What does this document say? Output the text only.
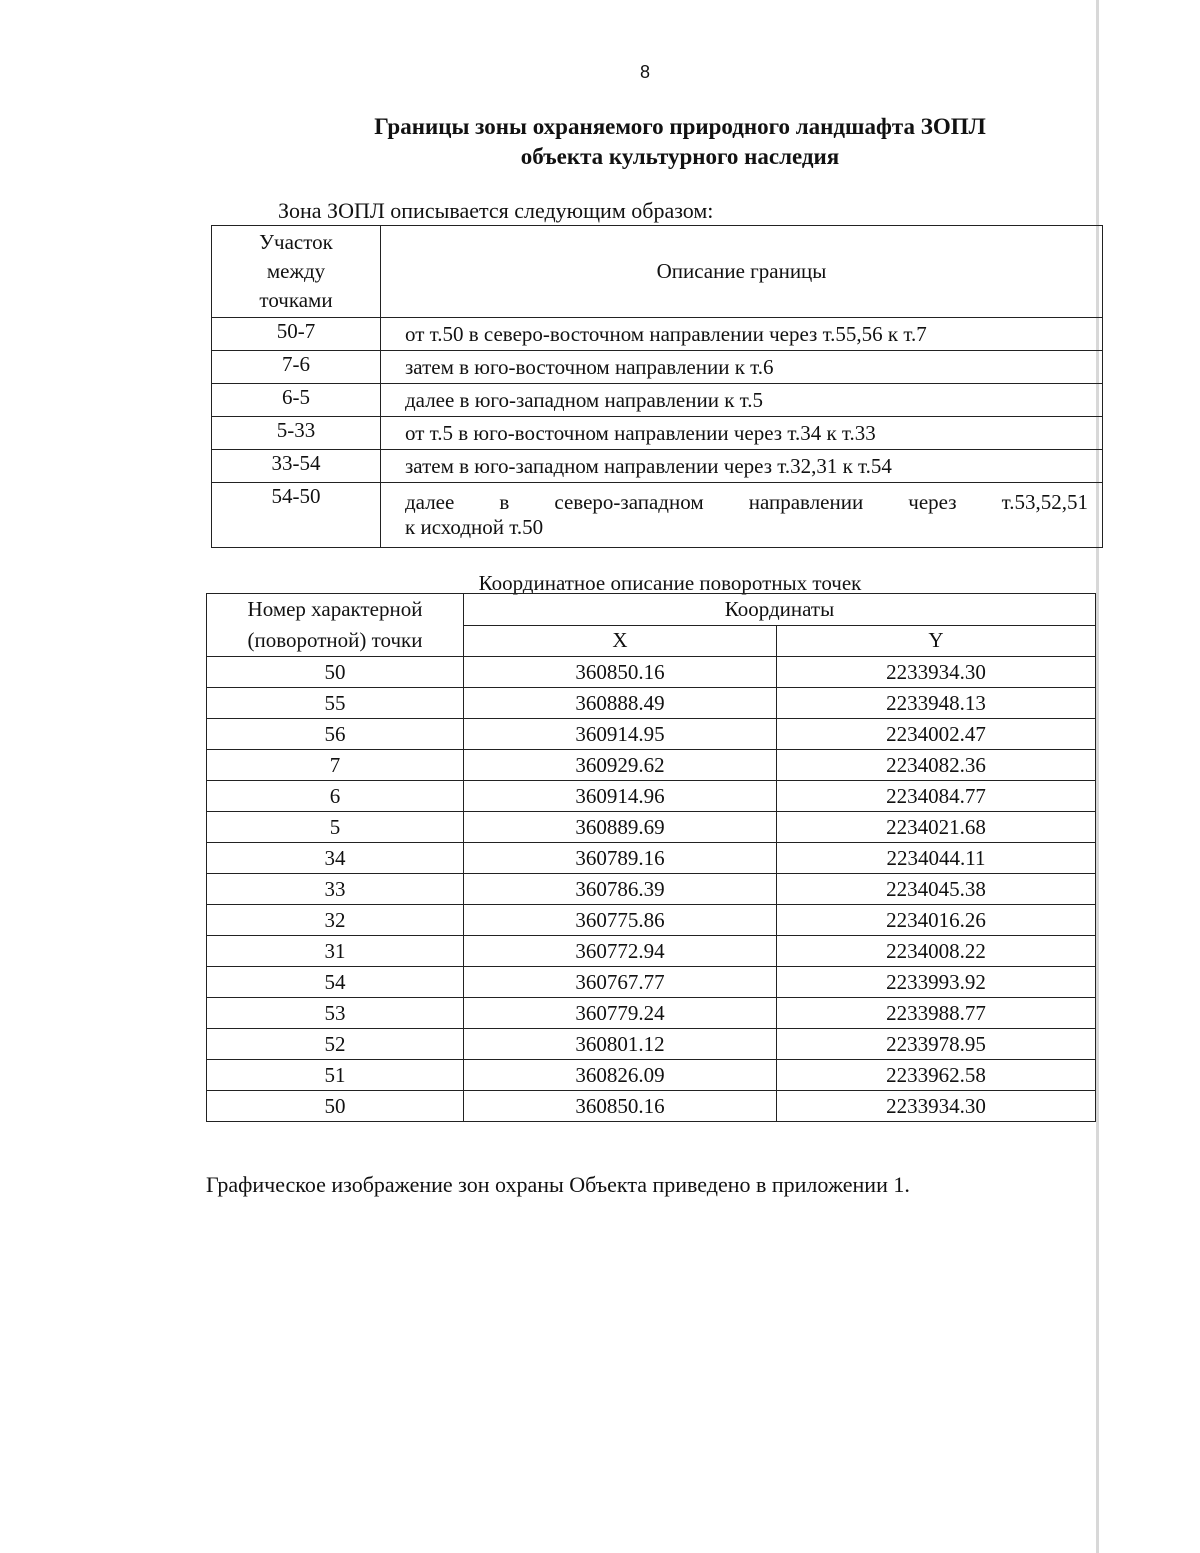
8
Границы зоны охраняемого природного ландшафта ЗОПЛ
объекта культурного наследия
Зона ЗОПЛ описывается следующим образом:
Участок
между
точками	Описание границы
50-7	от т.50 в северо-восточном направлении через т.55,56 к т.7
7-6	затем в юго-восточном направлении к т.6
6-5	далее в юго-западном направлении к т.5
5-33	от т.5 в юго-восточном направлении через т.34 к т.33
33-54	затем в юго-западном направлении через т.32,31 к т.54
54-50	далее в северо-западном направлении через т.53,52,51
к исходной т.50
Координатное описание поворотных точек
Номер характерной
(поворотной) точки	Координаты	
	X	Y
50	360850.16	2233934.30
55	360888.49	2233948.13
56	360914.95	2234002.47
7	360929.62	2234082.36
6	360914.96	2234084.77
5	360889.69	2234021.68
34	360789.16	2234044.11
33	360786.39	2234045.38
32	360775.86	2234016.26
31	360772.94	2234008.22
54	360767.77	2233993.92
53	360779.24	2233988.77
52	360801.12	2233978.95
51	360826.09	2233962.58
50	360850.16	2233934.30
Графическое изображение зон охраны Объекта приведено в приложении 1.
